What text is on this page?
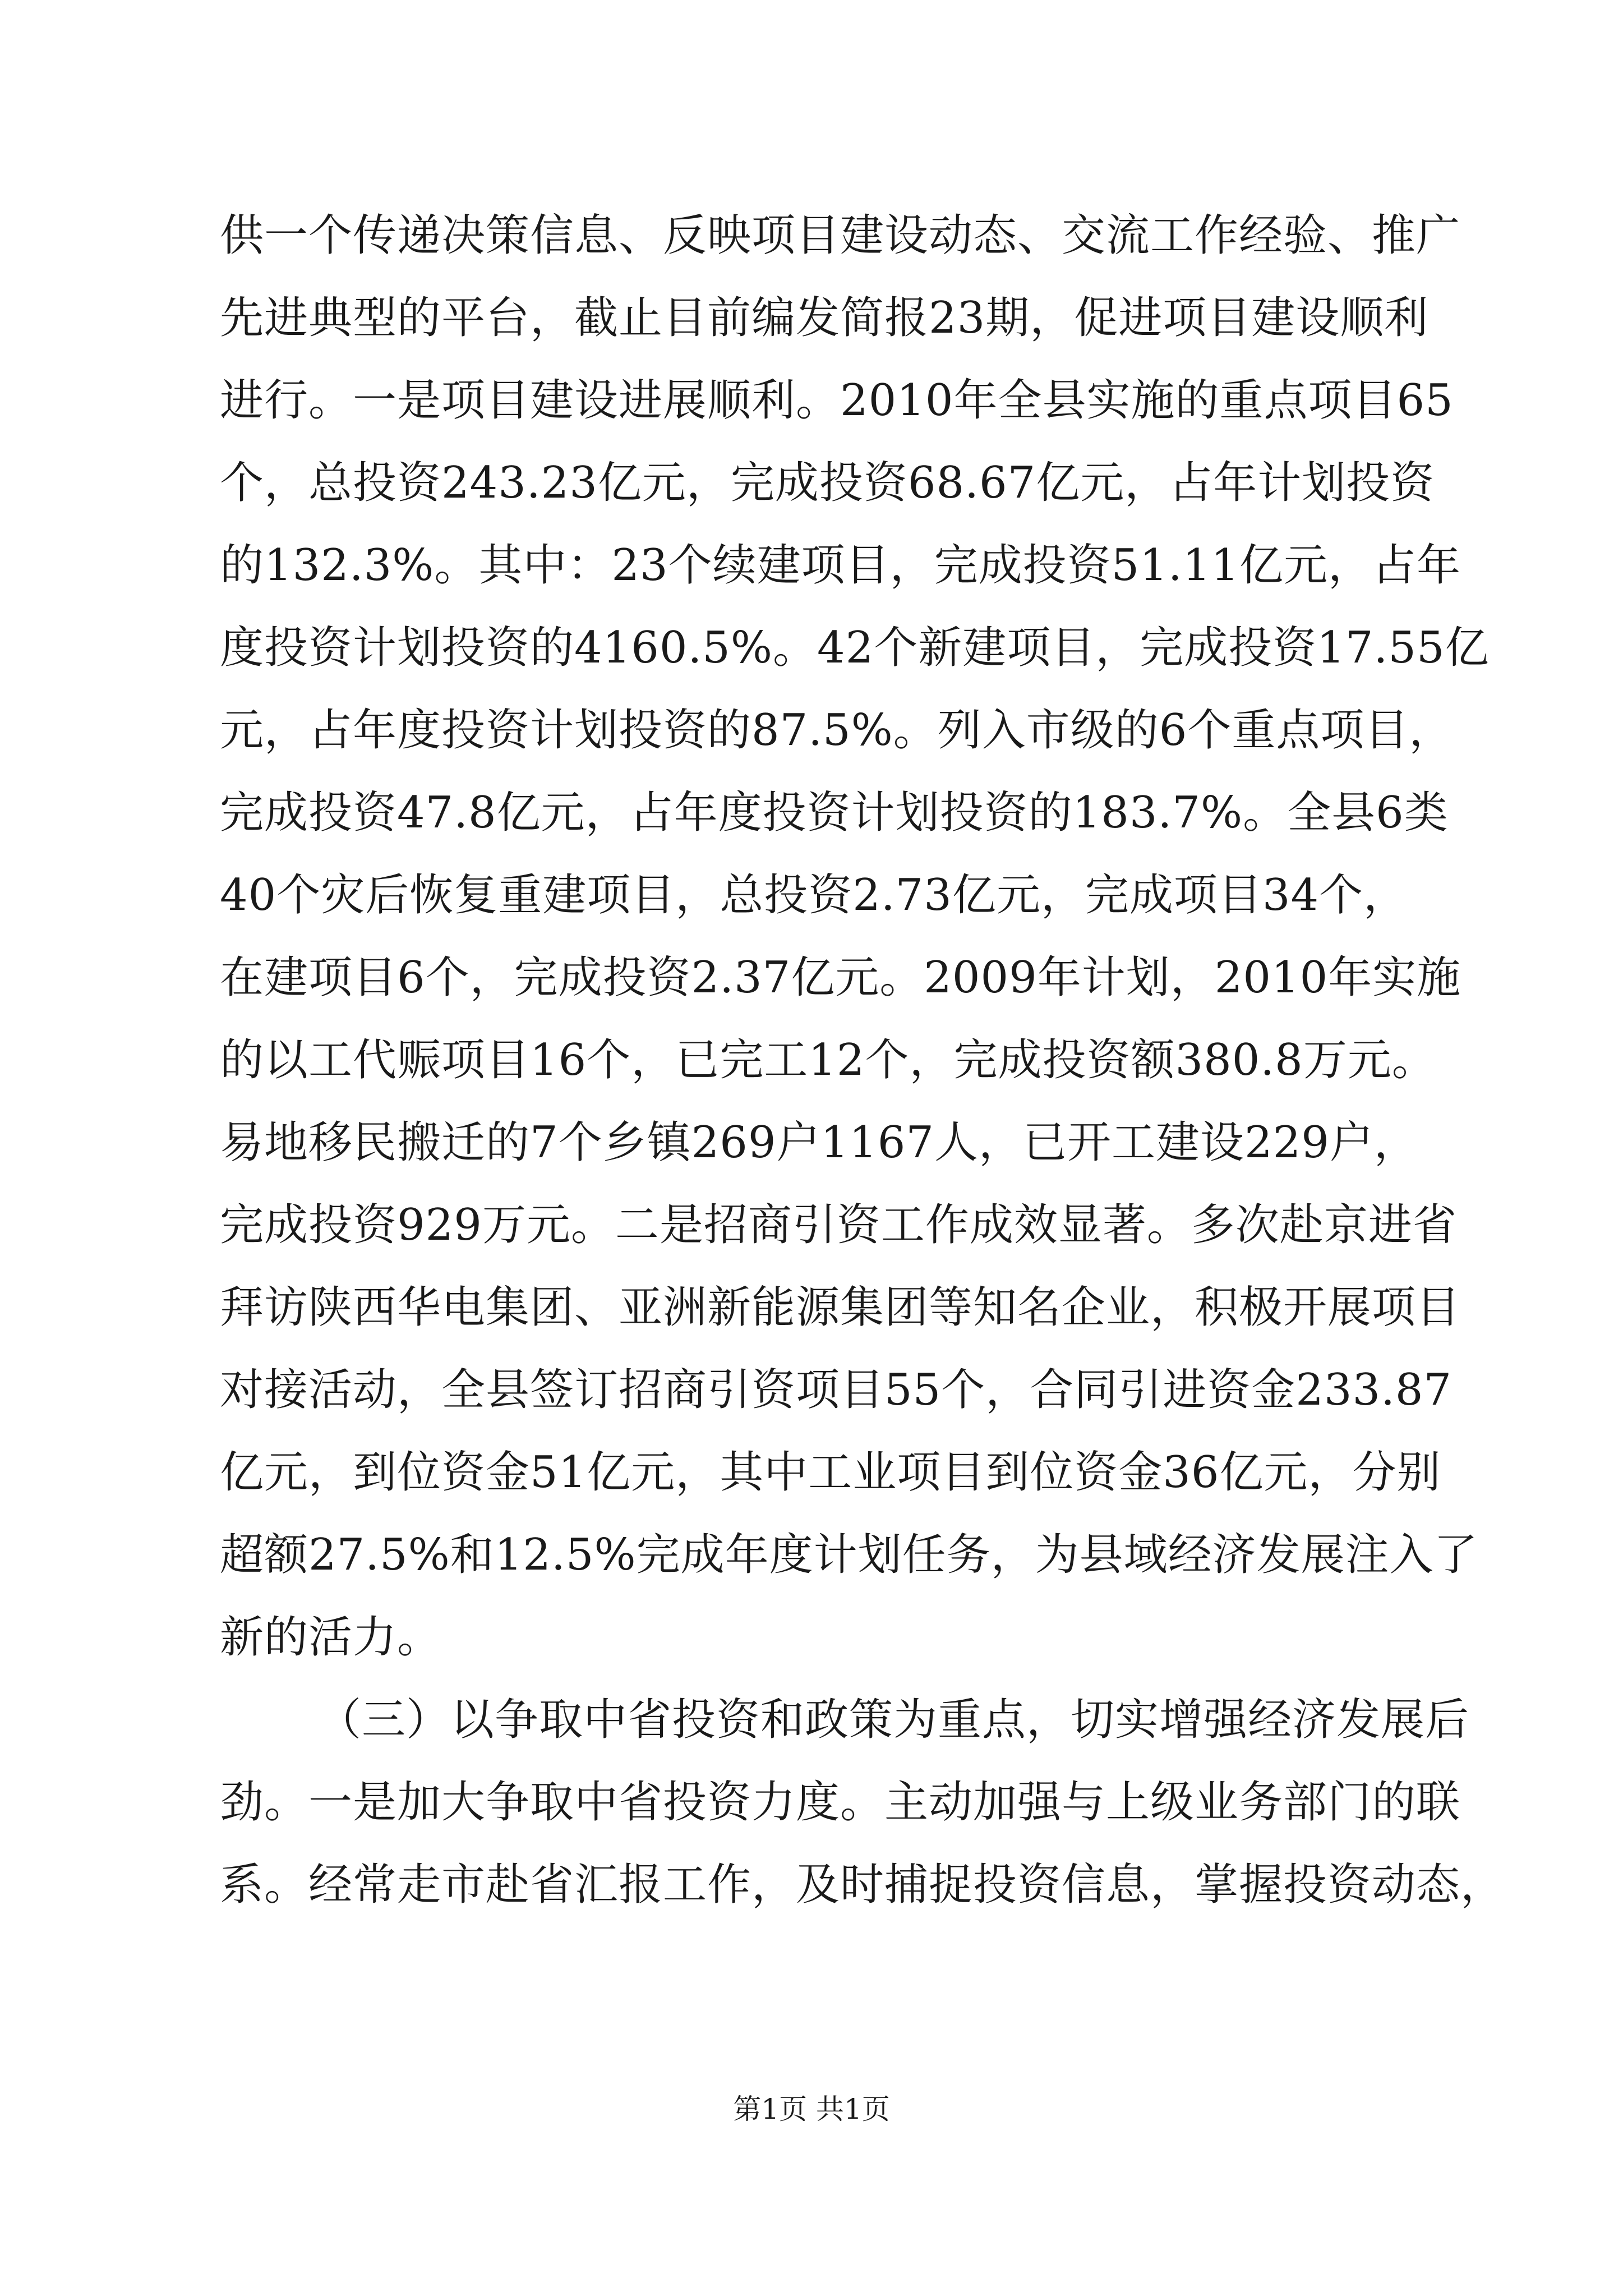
供一个传递决策信息、反映项目建设动态、交流工作经验、推广
先进典型的平台，截止目前编发简报23期，促进项目建设顺利
进行。一是项目建设进展顺利。2010年全县实施的重点项目65
个，总投资243.23亿元，完成投资68.67亿元，占年计划投资
的132.3%。其中：23个续建项目，完成投资51.11亿元，占年
度投资计划投资的4160.5%。42个新建项目，完成投资17.55亿
元，占年度投资计划投资的87.5%。列入市级的6个重点项目，
完成投资47.8亿元，占年度投资计划投资的183.7%。全县6类
40个灾后恢复重建项目，总投资2.73亿元，完成项目34个，
在建项目6个，完成投资2.37亿元。2009年计划，2010年实施
的以工代赈项目16个，已完工12个，完成投资额380.8万元。
易地移民搬迁的7个乡镇269户1167人，已开工建设229户，
完成投资929万元。二是招商引资工作成效显著。多次赴京进省
拜访陕西华电集团、亚洲新能源集团等知名企业，积极开展项目
对接活动，全县签订招商引资项目55个，合同引进资金233.87
亿元，到位资金51亿元，其中工业项目到位资金36亿元，分别
超额27.5%和12.5%完成年度计划任务，为县域经济发展注入了
新的活力。
（三）以争取中省投资和政策为重点，切实增强经济发展后
劲。一是加大争取中省投资力度。主动加强与上级业务部门的联
系。经常走市赴省汇报工作，及时捕捉投资信息，掌握投资动态，
第1页 共1页
